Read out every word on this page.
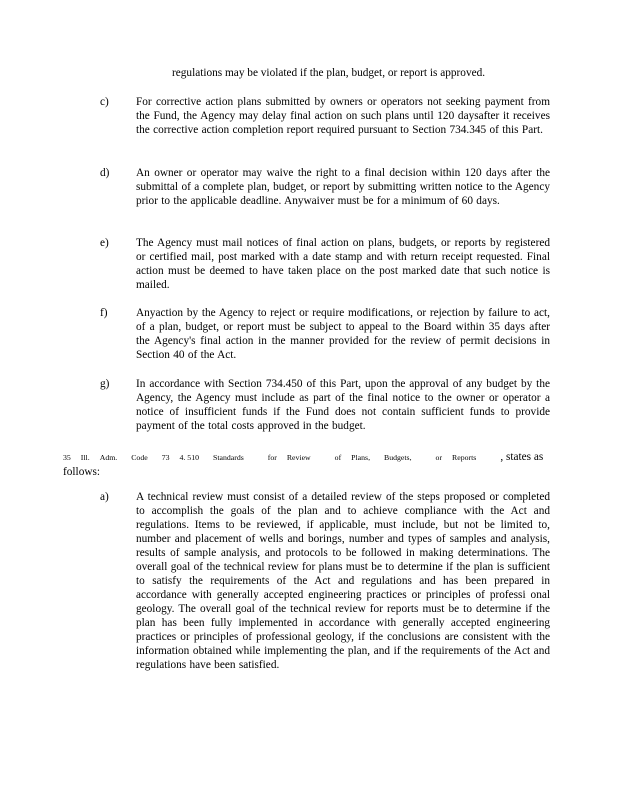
regulations may be violated if the plan, budget, or report is approved.
c) For corrective action plans submitted by owners or operators not seeking payment from the Fund, the Agency may delay final action on such plans until 120 daysafter it receives the corrective action completion report required pursuant to Section 734.345 of this Part.
d) An owner or operator may waive the right to a final decision within 120 days after the submittal of a complete plan, budget, or report by submitting written notice to the Agency prior to the applicable deadline. Anywaiver must be for a minimum of 60 days.
e) The Agency must mail notices of final action on plans, budgets, or reports by registered or certified mail, post marked with a date stamp and with return receipt requested. Final action must be deemed to have taken place on the post marked date that such notice is mailed.
f)	Anyaction by the Agency to reject or require modifications, or rejection by failure to act, of a plan, budget, or report must be subject to appeal to the Board within 35 days after the Agency's final action in the manner provided for the review of permit decisions in Section 40 of the Act.
g) In accordance with Section 734.450 of this Part, upon the approval of any budget by the Agency, the Agency must include as part of the final notice to the owner or operator a notice of insufficient funds if the Fund does not contain sufficient funds to provide payment of the total costs approved in the budget.
35 Ill. Adm. Code 73 4. 510 Standards	for Review	of Plans, Budgets,	or Reports , states as
follows:
a) A technical review must consist of a detailed review of the steps proposed or completed to accomplish the goals of the plan and to achieve compliance with the Act and regulations. Items to be reviewed, if applicable, must include, but not be limited to, number and placement of wells and borings, number and types of samples and analysis, results of sample analysis, and protocols to be followed in making determinations. The overall goal of the technical review for plans must be to determine if the plan is sufficient to satisfy the requirements of the Act and regulations and has been prepared in accordance with generally accepted engineering practices or principles of professi onal geology. The overall goal of the technical review for reports must be to determine if the plan has been fully implemented in accordance with generally accepted engineering practices or principles of professional geology, if the conclusions are consistent with the information obtained while implementing the plan, and if the requirements of the Act and regulations have been satisfied.
